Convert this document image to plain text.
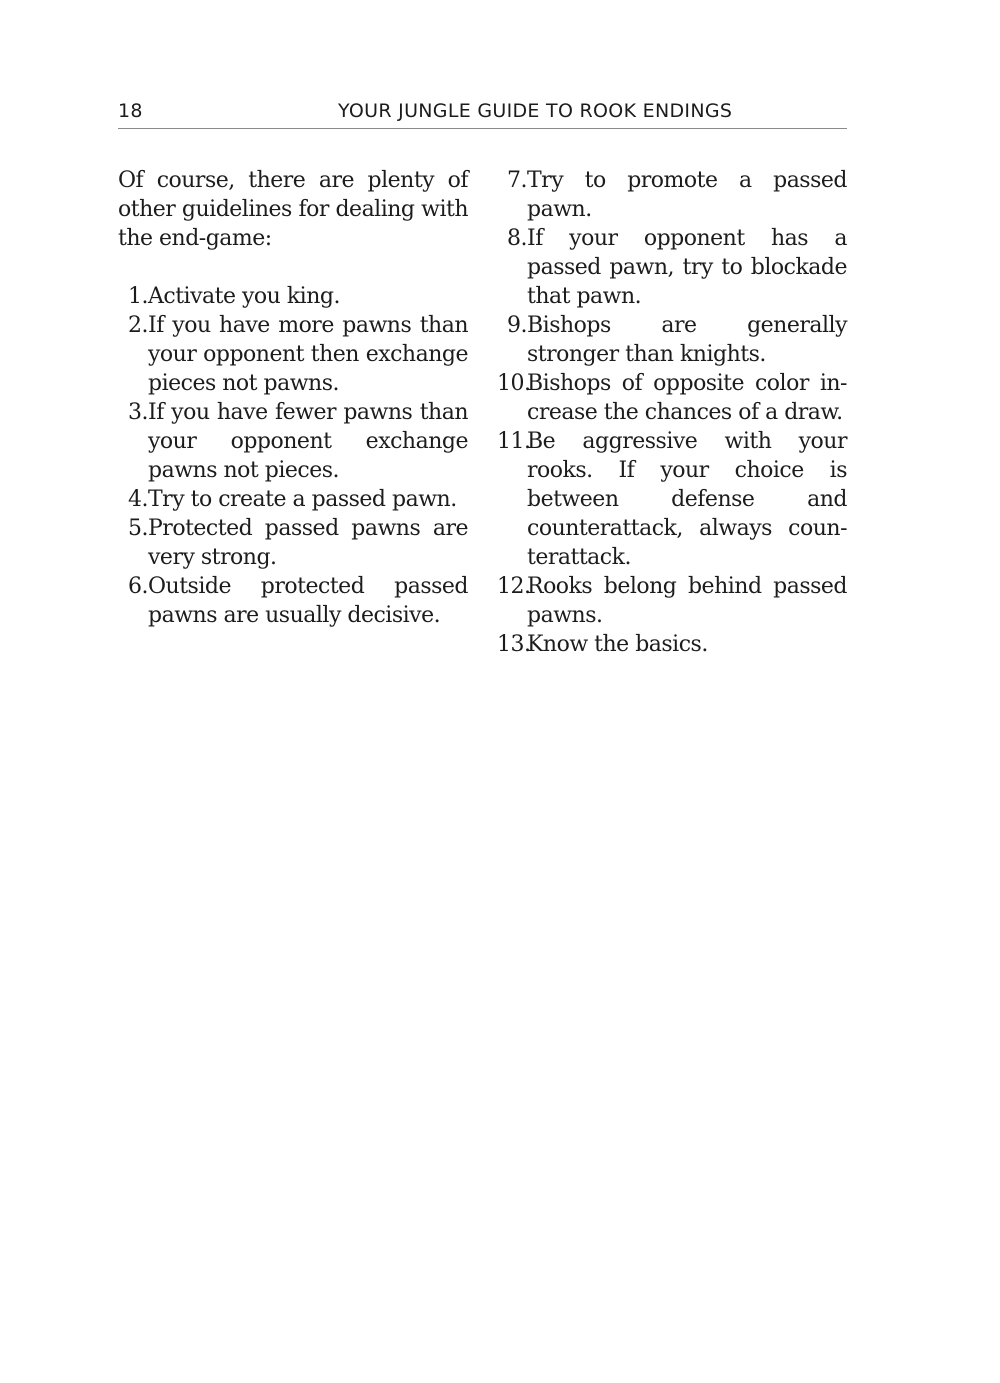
18	YOUR JUNGLE GUIDE TO ROOK ENDINGS

Of course, there are plenty of other guidelines for dealing with the end-game:

1. Activate you king.
2. If you have more pawns than your opponent then exchange pieces not pawns.
3. If you have fewer pawns than your opponent exchange pawns not pieces.
4. Try to create a passed pawn.
5. Protected passed pawns are very strong.
6. Outside protected passed pawns are usually decisive.
7. Try to promote a passed pawn.
8. If your opponent has a passed pawn, try to blockade that pawn.
9. Bishops are generally stronger than knights.
10.
Bishops of opposite color in-crease the chances of a draw.
11.
Be aggressive with your rooks. If your choice is between defense and counterattack, always coun-terattack.
12.
Rooks belong behind passed pawns.
13.
Know the basics.
